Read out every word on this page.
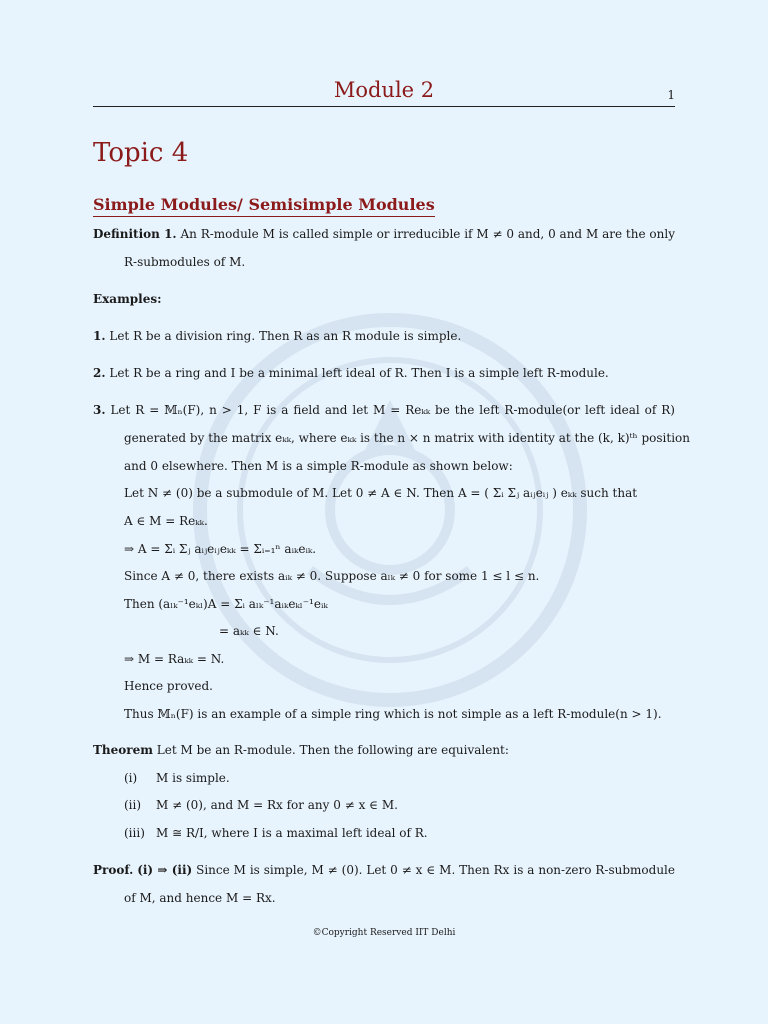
Module 2	1
Topic 4
Simple Modules/ Semisimple Modules
Definition 1. An R-module M is called simple or irreducible if M ≠ 0 and, 0 and M are the only
R-submodules of M.
Examples:
1. Let R be a division ring. Then R as an R module is simple.
2. Let R be a ring and I be a minimal left ideal of R. Then I is a simple left R-module.
3. Let R = 𝕄ₙ(F), n > 1, F is a field and let M = Reₖₖ be the left R-module(or left ideal of R)
generated by the matrix eₖₖ, where eₖₖ is the n × n matrix with identity at the (k, k)ᵗʰ position
and 0 elsewhere. Then M is a simple R-module as shown below:
Let N ≠ (0) be a submodule of M. Let 0 ≠ A ∈ N. Then A = ( Σᵢ Σⱼ aᵢⱼeᵢⱼ ) eₖₖ such that
A ∈ M = Reₖₖ.
⇒ A = Σᵢ Σⱼ aᵢⱼeᵢⱼeₖₖ = Σᵢ₌₁ⁿ aᵢₖeᵢₖ.
Since A ≠ 0, there exists aᵢₖ ≠ 0. Suppose aₗₖ ≠ 0 for some 1 ≤ l ≤ n.
Then (aₗₖ⁻¹eₖₗ)A = Σᵢ aₗₖ⁻¹aᵢₖeₖₗ⁻¹eᵢₖ
= aₖₖ ∈ N.
⇒ M = Raₖₖ = N.
Hence proved.
Thus 𝕄ₙ(F) is an example of a simple ring which is not simple as a left R-module(n > 1).
Theorem Let M be an R-module. Then the following are equivalent:
(i) M is simple.
(ii) M ≠ (0), and M = Rx for any 0 ≠ x ∈ M.
(iii) M ≅ R/I, where I is a maximal left ideal of R.
Proof. (i) ⇒ (ii) Since M is simple, M ≠ (0). Let 0 ≠ x ∈ M. Then Rx is a non-zero R-submodule
of M, and hence M = Rx.
©Copyright Reserved IIT Delhi
